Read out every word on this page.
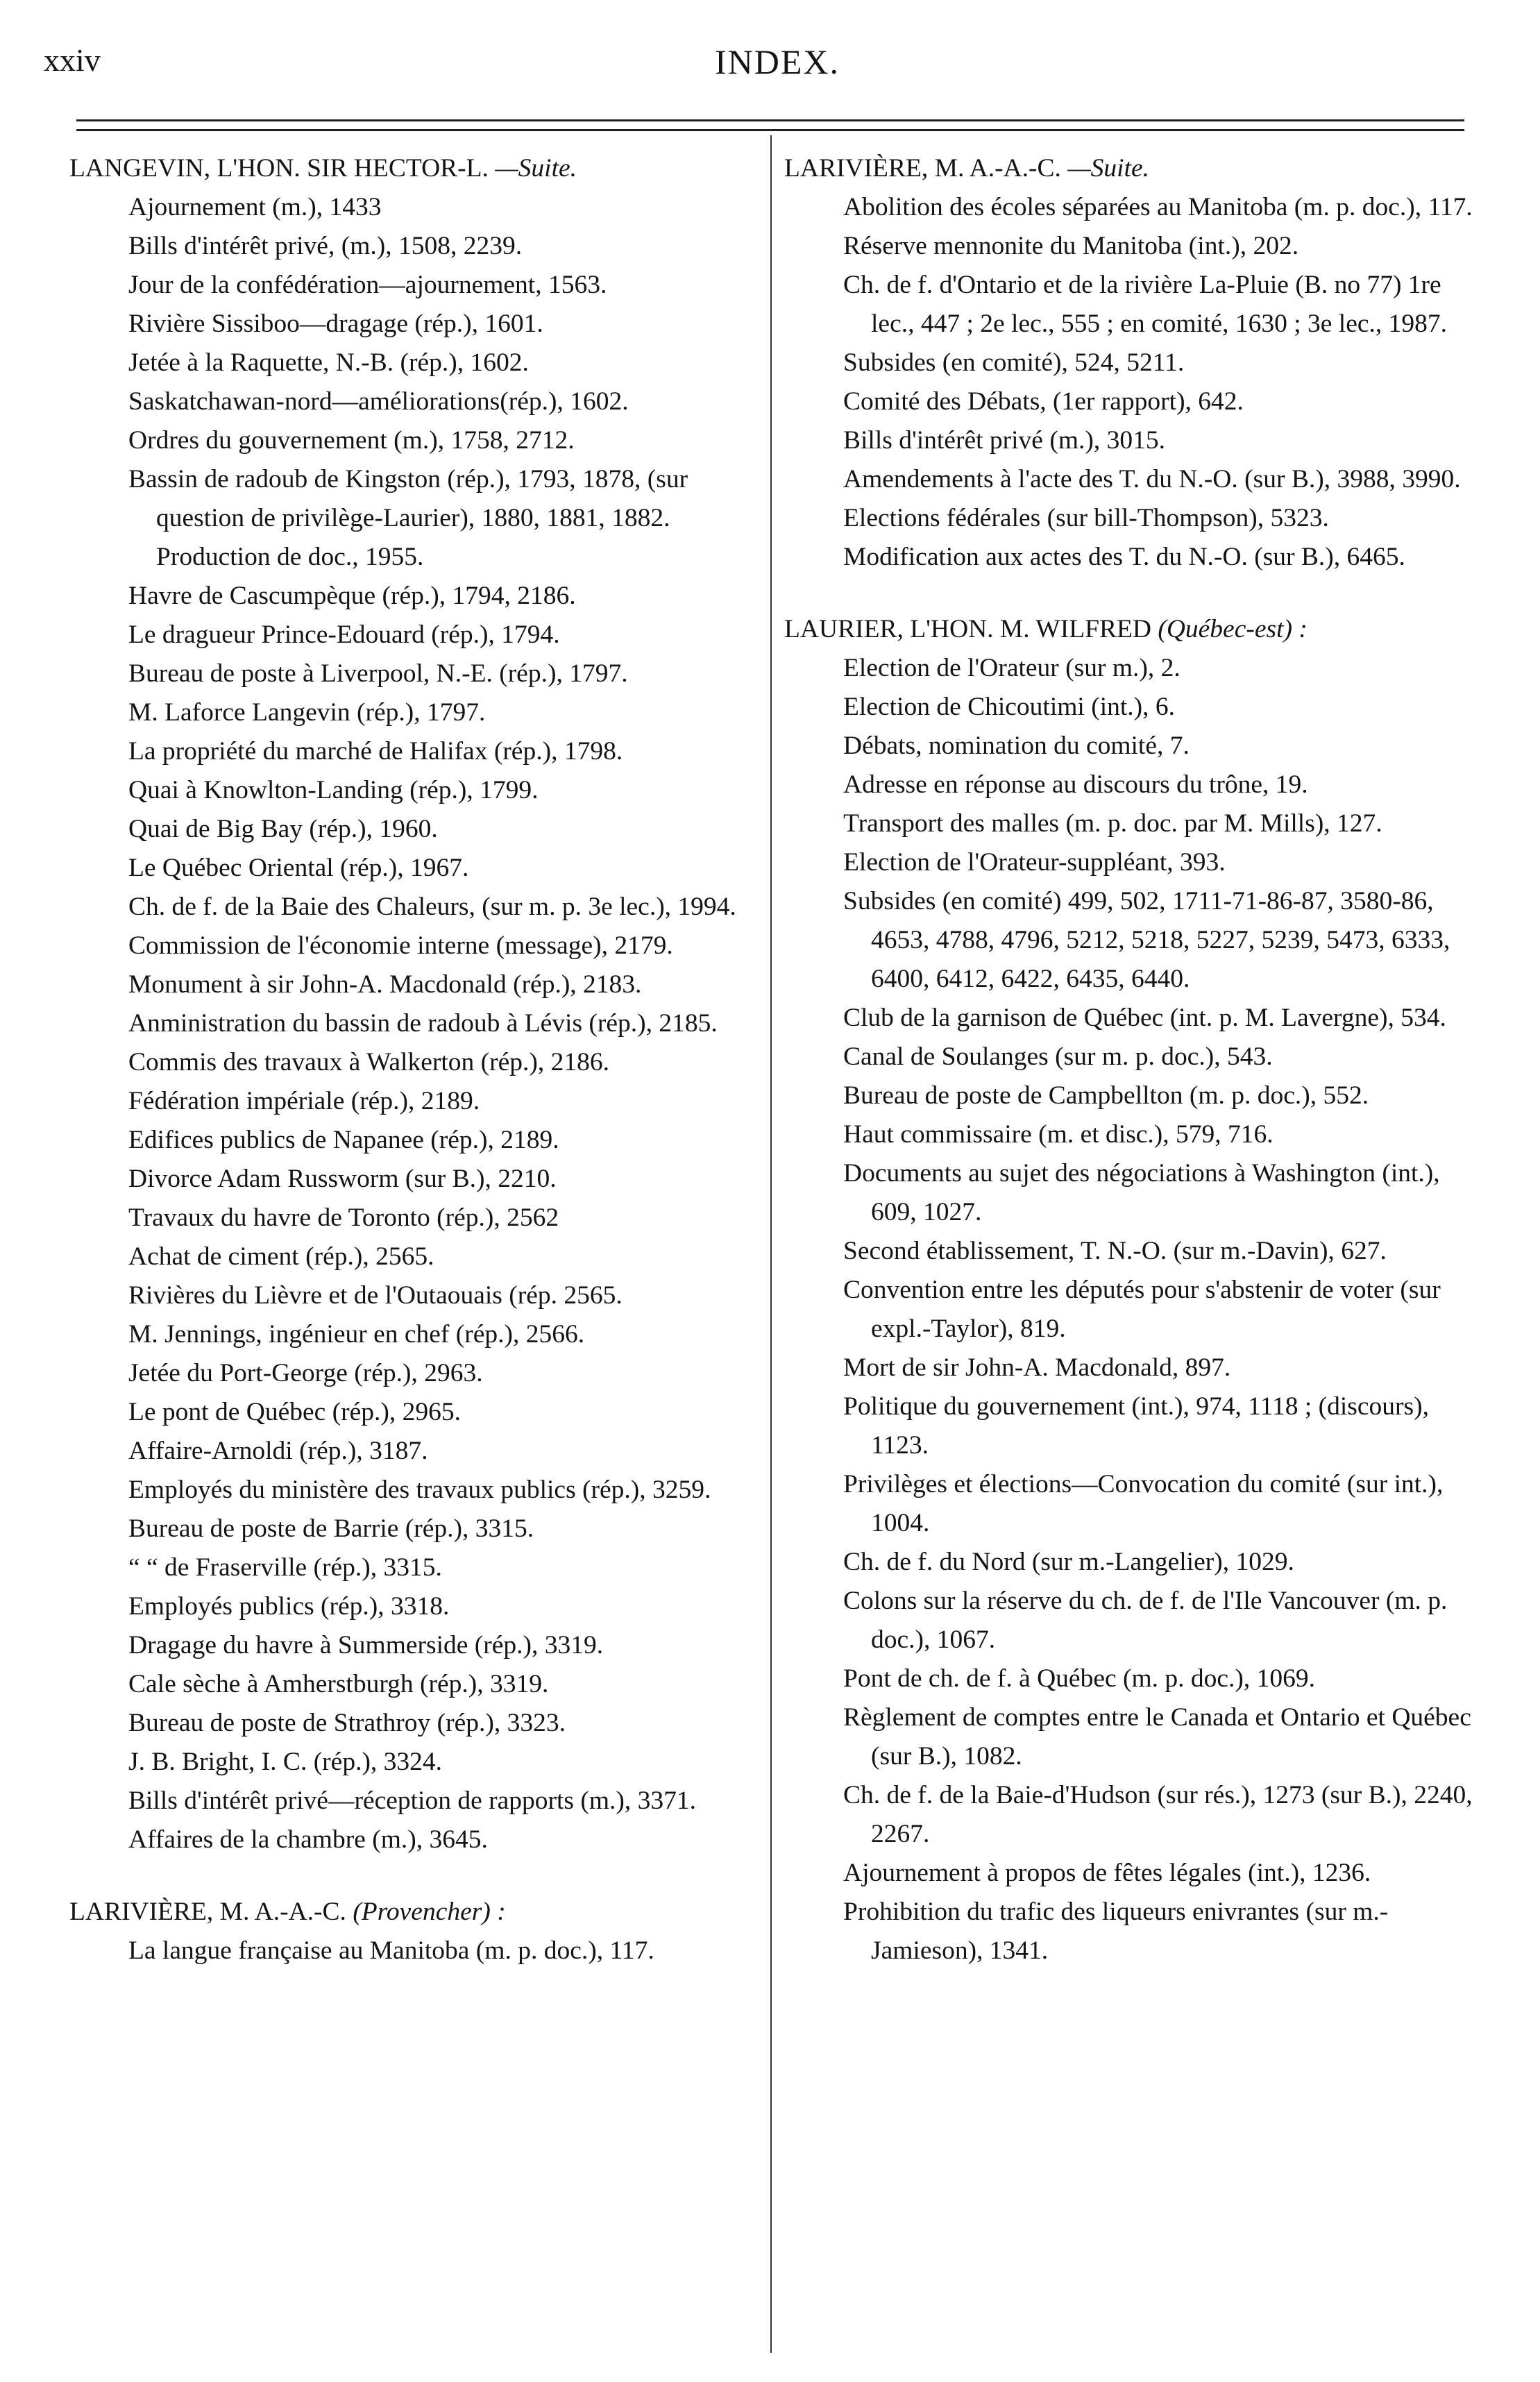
xxiv	INDEX.

LANGEVIN, L'HON. SIR HECTOR-L. —Suite.

Ajournement (m.), 1433

Bills d'intérêt privé, (m.), 1508, 2239.

Jour de la confédération—ajournement, 1563.

Rivière Sissiboo—dragage (rép.), 1601.

Jetée à la Raquette, N.-B. (rép.), 1602.

Saskatchawan-nord—améliorations(rép.), 1602.

Ordres du gouvernement (m.), 1758, 2712.

Bassin de radoub de Kingston (rép.), 1793, 1878, (sur question de privilège-Laurier), 1880, 1881, 1882. Production de doc., 1955.

Havre de Cascumpèque (rép.), 1794, 2186.

Le dragueur Prince-Edouard (rép.), 1794.

Bureau de poste à Liverpool, N.-E. (rép.), 1797.

M. Laforce Langevin (rép.), 1797.

La propriété du marché de Halifax (rép.), 1798.

Quai à Knowlton-Landing (rép.), 1799.

Quai de Big Bay (rép.), 1960.

Le Québec Oriental (rép.), 1967.

Ch. de f. de la Baie des Chaleurs, (sur m. p. 3e lec.), 1994.

Commission de l'économie interne (message), 2179.

Monument à sir John-A. Macdonald (rép.), 2183.

Anministration du bassin de radoub à Lévis (rép.), 2185.

Commis des travaux à Walkerton (rép.), 2186.

Fédération impériale (rép.), 2189.

Edifices publics de Napanee (rép.), 2189.

Divorce Adam Russworm (sur B.), 2210.

Travaux du havre de Toronto (rép.), 2562

Achat de ciment (rép.), 2565.

Rivières du Lièvre et de l'Outaouais (rép. 2565.

M. Jennings, ingénieur en chef (rép.), 2566.

Jetée du Port-George (rép.), 2963.

Le pont de Québec (rép.), 2965.

Affaire-Arnoldi (rép.), 3187.

Employés du ministère des travaux publics (rép.), 3259.

Bureau de poste de Barrie (rép.), 3315.

“ “ de Fraserville (rép.), 3315.

Employés publics (rép.), 3318.

Dragage du havre à Summerside (rép.), 3319.

Cale sèche à Amherstburgh (rép.), 3319.

Bureau de poste de Strathroy (rép.), 3323.

J. B. Bright, I. C. (rép.), 3324.

Bills d'intérêt privé—réception de rapports (m.), 3371.

Affaires de la chambre (m.), 3645.

LARIVIÈRE, M. A.-A.-C. (Provencher) :

La langue française au Manitoba (m. p. doc.), 117.

LARIVIÈRE, M. A.-A.-C. —Suite.

Abolition des écoles séparées au Manitoba (m. p. doc.), 117.

Réserve mennonite du Manitoba (int.), 202.

Ch. de f. d'Ontario et de la rivière La-Pluie (B. no 77) 1re lec., 447 ; 2e lec., 555 ; en comité, 1630 ; 3e lec., 1987.

Subsides (en comité), 524, 5211.

Comité des Débats, (1er rapport), 642.

Bills d'intérêt privé (m.), 3015.

Amendements à l'acte des T. du N.-O. (sur B.), 3988, 3990.

Elections fédérales (sur bill-Thompson), 5323.

Modification aux actes des T. du N.-O. (sur B.), 6465.

LAURIER, L'HON. M. WILFRED (Québec-est) :

Election de l'Orateur (sur m.), 2.

Election de Chicoutimi (int.), 6.

Débats, nomination du comité, 7.

Adresse en réponse au discours du trône, 19.

Transport des malles (m. p. doc. par M. Mills), 127.

Election de l'Orateur-suppléant, 393.

Subsides (en comité) 499, 502, 1711-71-86-87, 3580-86, 4653, 4788, 4796, 5212, 5218, 5227, 5239, 5473, 6333, 6400, 6412, 6422, 6435, 6440.

Club de la garnison de Québec (int. p. M. Lavergne), 534.

Canal de Soulanges (sur m. p. doc.), 543.

Bureau de poste de Campbellton (m. p. doc.), 552.

Haut commissaire (m. et disc.), 579, 716.

Documents au sujet des négociations à Washington (int.), 609, 1027.

Second établissement, T. N.-O. (sur m.-Davin), 627.

Convention entre les députés pour s'abstenir de voter (sur expl.-Taylor), 819.

Mort de sir John-A. Macdonald, 897.

Politique du gouvernement (int.), 974, 1118 ; (discours), 1123.

Privilèges et élections—Convocation du comité (sur int.), 1004.

Ch. de f. du Nord (sur m.-Langelier), 1029.

Colons sur la réserve du ch. de f. de l'Ile Vancouver (m. p. doc.), 1067.

Pont de ch. de f. à Québec (m. p. doc.), 1069.

Règlement de comptes entre le Canada et Ontario et Québec (sur B.), 1082.

Ch. de f. de la Baie-d'Hudson (sur rés.), 1273 (sur B.), 2240, 2267.

Ajournement à propos de fêtes légales (int.), 1236.

Prohibition du trafic des liqueurs enivrantes (sur m.-Jamieson), 1341.
